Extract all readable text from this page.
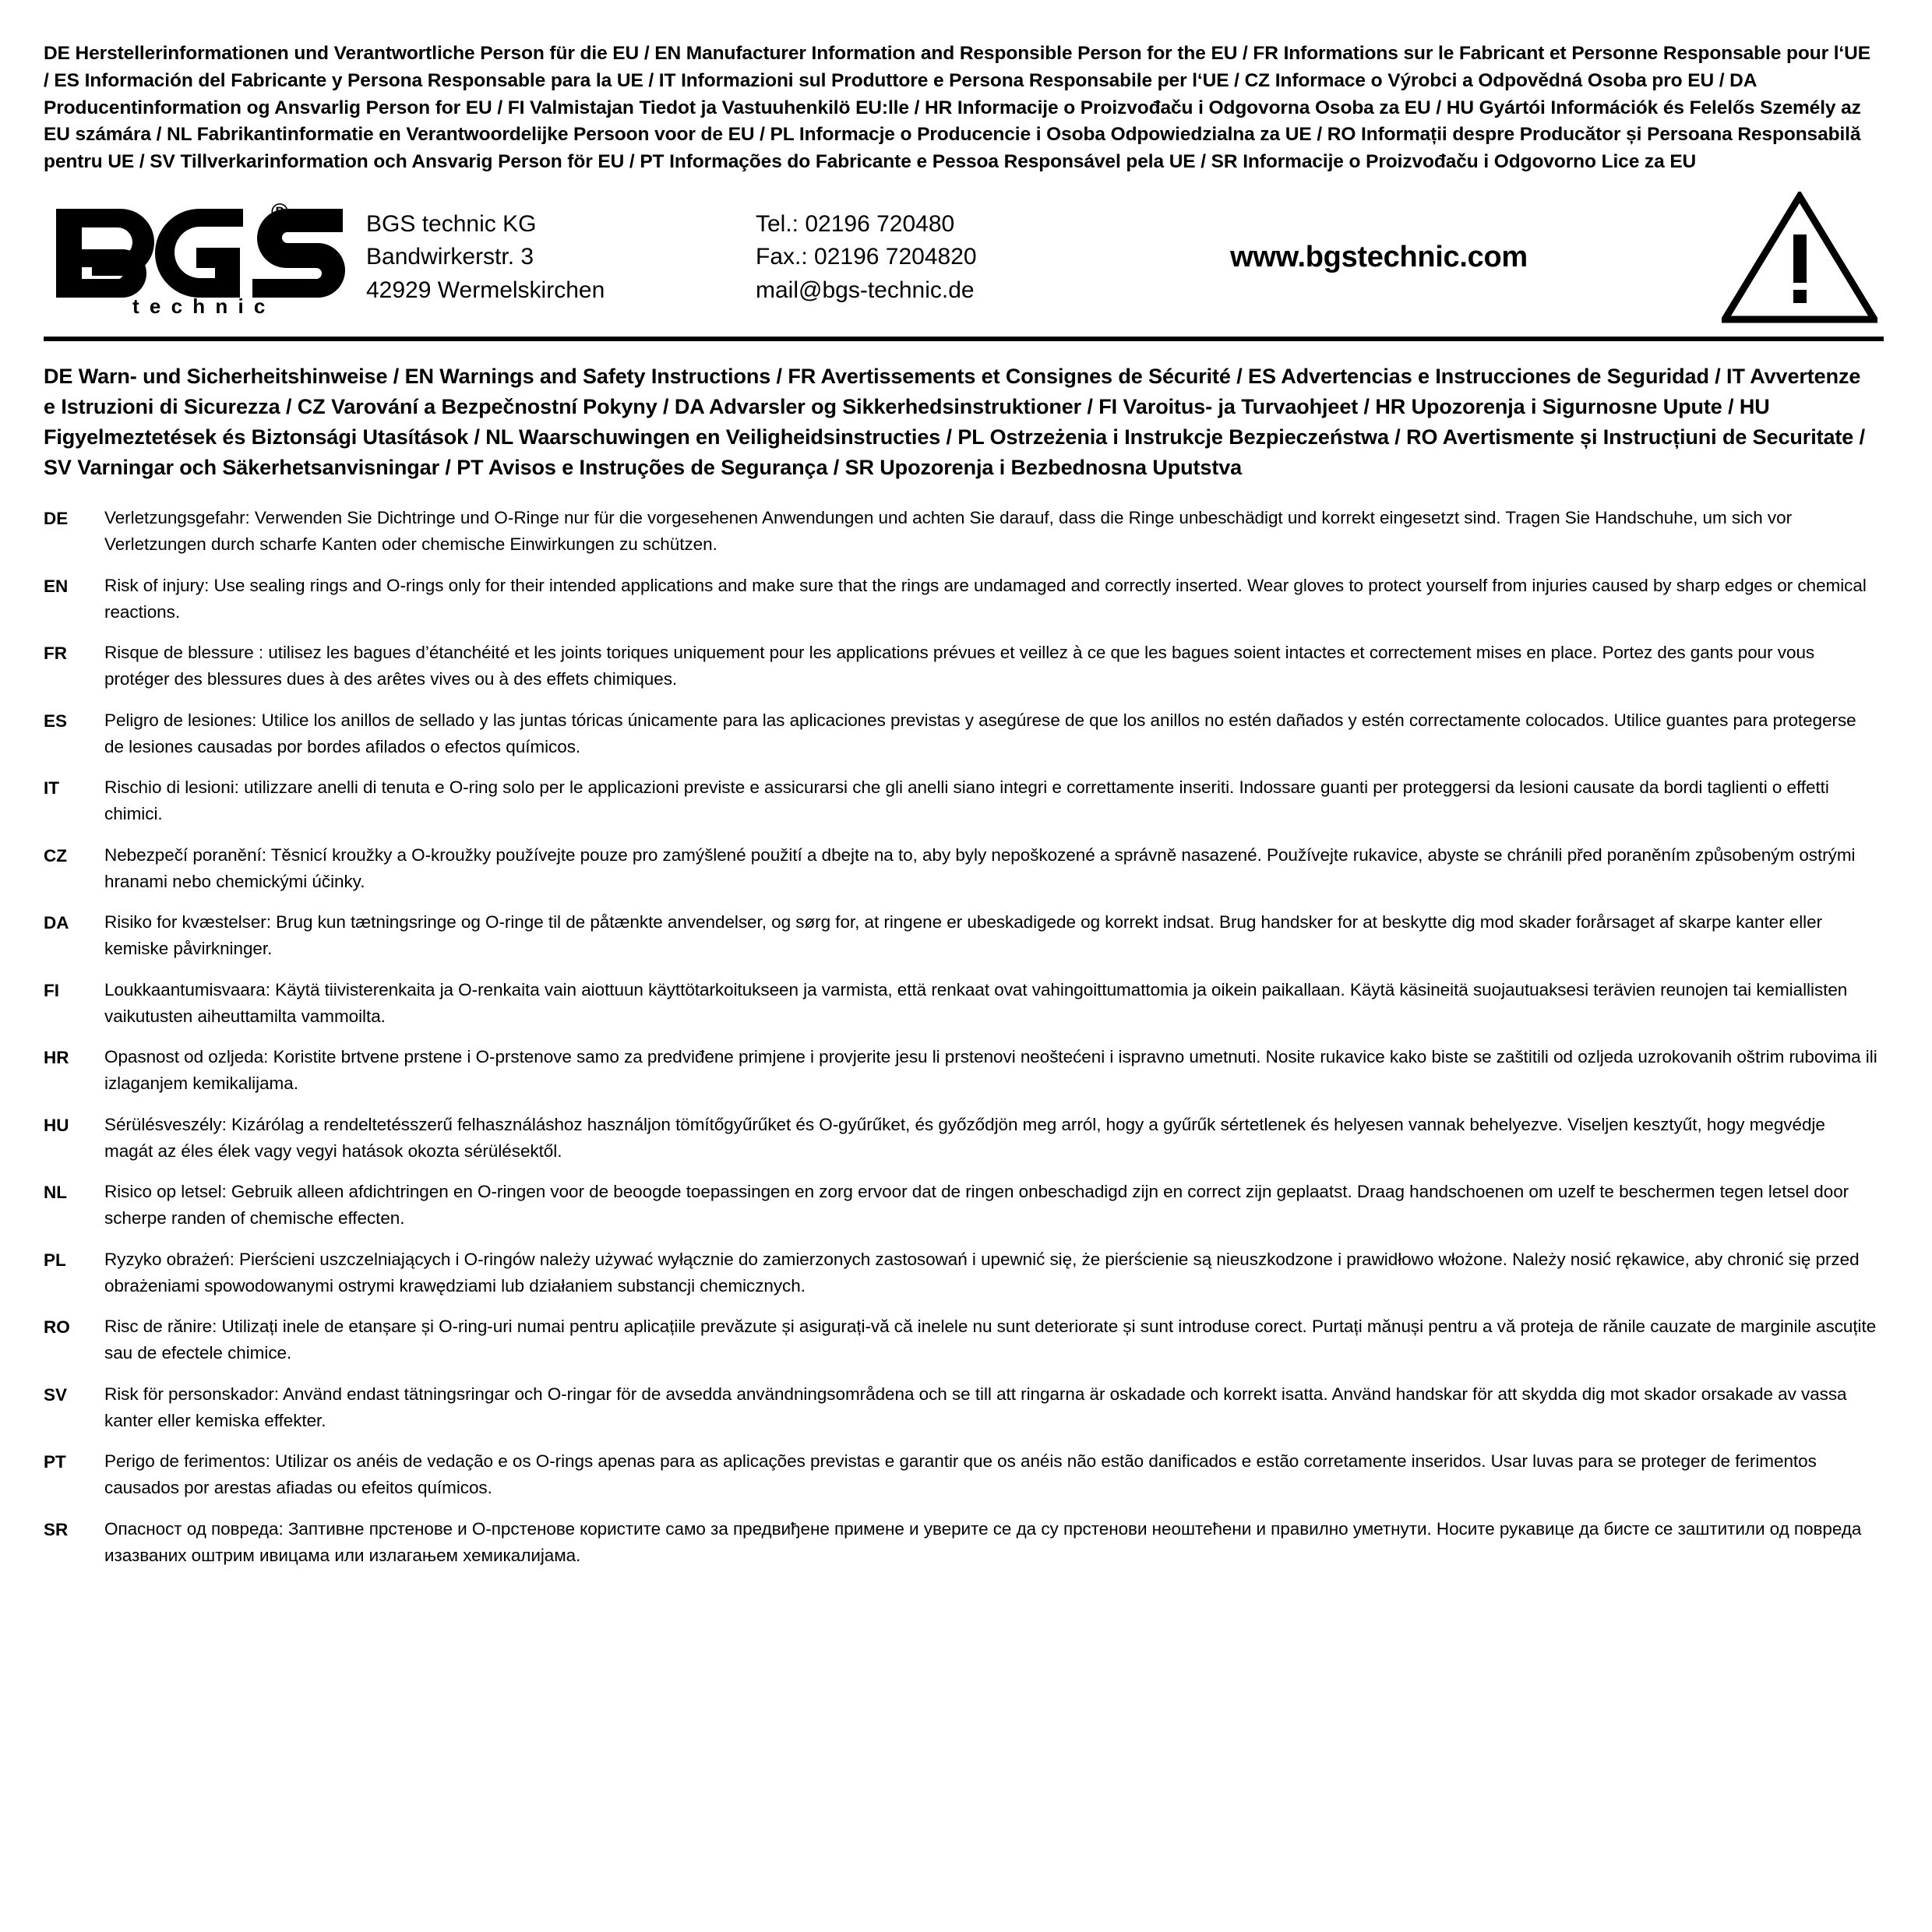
DE Herstellerinformationen und Verantwortliche Person für die EU / EN Manufacturer Information and Responsible Person for the EU / FR Informations sur le Fabricant et Personne Responsable pour l‘UE / ES Información del Fabricante y Persona Responsable para la UE / IT Informazioni sul Produttore e Persona Responsabile per l‘UE / CZ Informace o Výrobci a Odpovědná Osoba pro EU / DA Producentinformation og Ansvarlig Person for EU / FI Valmistajan Tiedot ja Vastuuhenkilö EU:lle / HR Informacije o Proizvođaču i Odgovorna Osoba za EU / HU Gyártói Információk és Felelős Személy az EU számára / NL Fabrikantinformatie en Verantwoordelijke Persoon voor de EU / PL Informacje o Producencie i Osoba Odpowiedzialna za UE / RO Informații despre Producător și Persoana Responsabilă pentru UE / SV Tillverkarinformation och Ansvarig Person för EU / PT Informações do Fabricante e Pessoa Responsável pela UE / SR Informacije o Proizvođaču i Odgovorno Lice za EU
®
t e c h n i c
BGS technic KG
Bandwirkerstr. 3
42929 Wermelskirchen
Tel.: 02196 720480
Fax.: 02196 7204820
mail@bgs-technic.de
www.bgstechnic.com
DE Warn- und Sicherheitshinweise / EN Warnings and Safety Instructions / FR Avertissements et Consignes de Sécurité / ES Advertencias e Instrucciones de Seguridad / IT Avvertenze e Istruzioni di Sicurezza / CZ Varování a Bezpečnostní Pokyny / DA Advarsler og Sikkerhedsinstruktioner / FI Varoitus- ja Turvaohjeet / HR Upozorenja i Sigurnosne Upute / HU Figyelmeztetések és Biztonsági Utasítások / NL Waarschuwingen en Veiligheidsinstructies / PL Ostrzeżenia i Instrukcje Bezpieczeństwa / RO Avertismente și Instrucțiuni de Securitate / SV Varningar och Säkerhetsanvisningar / PT Avisos e Instruções de Segurança / SR Upozorenja i Bezbednosna Uputstva
DE	Verletzungsgefahr: Verwenden Sie Dichtringe und O-Ringe nur für die vorgesehenen Anwendungen und achten Sie darauf, dass die Ringe unbeschädigt und korrekt eingesetzt sind. Tragen Sie Handschuhe, um sich vor Verletzungen durch scharfe Kanten oder chemische Einwirkungen zu schützen.
EN	Risk of injury: Use sealing rings and O-rings only for their intended applications and make sure that the rings are undamaged and correctly inserted. Wear gloves to protect yourself from injuries caused by sharp edges or chemical reactions.
FR	Risque de blessure : utilisez les bagues d’étanchéité et les joints toriques uniquement pour les applications prévues et veillez à ce que les bagues soient intactes et correctement mises en place. Portez des gants pour vous protéger des blessures dues à des arêtes vives ou à des effets chimiques.
ES	Peligro de lesiones: Utilice los anillos de sellado y las juntas tóricas únicamente para las aplicaciones previstas y asegúrese de que los anillos no estén dañados y estén correctamente colocados. Utilice guantes para protegerse de lesiones causadas por bordes afilados o efectos químicos.
IT	Rischio di lesioni: utilizzare anelli di tenuta e O-ring solo per le applicazioni previste e assicurarsi che gli anelli siano integri e correttamente inseriti. Indossare guanti per proteggersi da lesioni causate da bordi taglienti o effetti chimici.
CZ	Nebezpečí poranění: Těsnicí kroužky a O-kroužky používejte pouze pro zamýšlené použití a dbejte na to, aby byly nepoškozené a správně nasazené. Používejte rukavice, abyste se chránili před poraněním způsobeným ostrými hranami nebo chemickými účinky.
DA	Risiko for kvæstelser: Brug kun tætningsringe og O-ringe til de påtænkte anvendelser, og sørg for, at ringene er ubeskadigede og korrekt indsat. Brug handsker for at beskytte dig mod skader forårsaget af skarpe kanter eller kemiske påvirkninger.
FI	Loukkaantumisvaara: Käytä tiivisterenkaita ja O-renkaita vain aiottuun käyttötarkoitukseen ja varmista, että renkaat ovat vahingoittumattomia ja oikein paikallaan. Käytä käsineitä suojautuaksesi terävien reunojen tai kemiallisten vaikutusten aiheuttamilta vammoilta.
HR	Opasnost od ozljeda: Koristite brtvene prstene i O-prstenove samo za predviđene primjene i provjerite jesu li prstenovi neoštećeni i ispravno umetnuti. Nosite rukavice kako biste se zaštitili od ozljeda uzrokovanih oštrim rubovima ili izlaganjem kemikalijama.
HU	Sérülésveszély: Kizárólag a rendeltetésszerű felhasználáshoz használjon tömítőgyűrűket és O-gyűrűket, és győződjön meg arról, hogy a gyűrűk sértetlenek és helyesen vannak behelyezve. Viseljen kesztyűt, hogy megvédje magát az éles élek vagy vegyi hatások okozta sérülésektől.
NL	Risico op letsel: Gebruik alleen afdichtringen en O-ringen voor de beoogde toepassingen en zorg ervoor dat de ringen onbeschadigd zijn en correct zijn geplaatst. Draag handschoenen om uzelf te beschermen tegen letsel door scherpe randen of chemische effecten.
PL	Ryzyko obrażeń: Pierścieni uszczelniających i O-ringów należy używać wyłącznie do zamierzonych zastosowań i upewnić się, że pierścienie są nieuszkodzone i prawidłowo włożone. Należy nosić rękawice, aby chronić się przed obrażeniami spowodowanymi ostrymi krawędziami lub działaniem substancji chemicznych.
RO	Risc de rănire: Utilizați inele de etanșare și O-ring-uri numai pentru aplicațiile prevăzute și asigurați-vă că inelele nu sunt deteriorate și sunt introduse corect. Purtați mănuși pentru a vă proteja de rănile cauzate de marginile ascuțite sau de efectele chimice.
SV	Risk för personskador: Använd endast tätningsringar och O-ringar för de avsedda användningsområdena och se till att ringarna är oskadade och korrekt isatta. Använd handskar för att skydda dig mot skador orsakade av vassa kanter eller kemiska effekter.
PT	Perigo de ferimentos: Utilizar os anéis de vedação e os O-rings apenas para as aplicações previstas e garantir que os anéis não estão danificados e estão corretamente inseridos. Usar luvas para se proteger de ferimentos causados por arestas afiadas ou efeitos químicos.
SR	Опасност од повреда: Заптивне прстенове и О-прстенове користите само за предвиђене примене и уверите се да су прстенови неоштећени и правилно уметнути. Носите рукавице да бисте се заштитили од повреда изазваних оштрим ивицама или излагањем хемикалијама.
